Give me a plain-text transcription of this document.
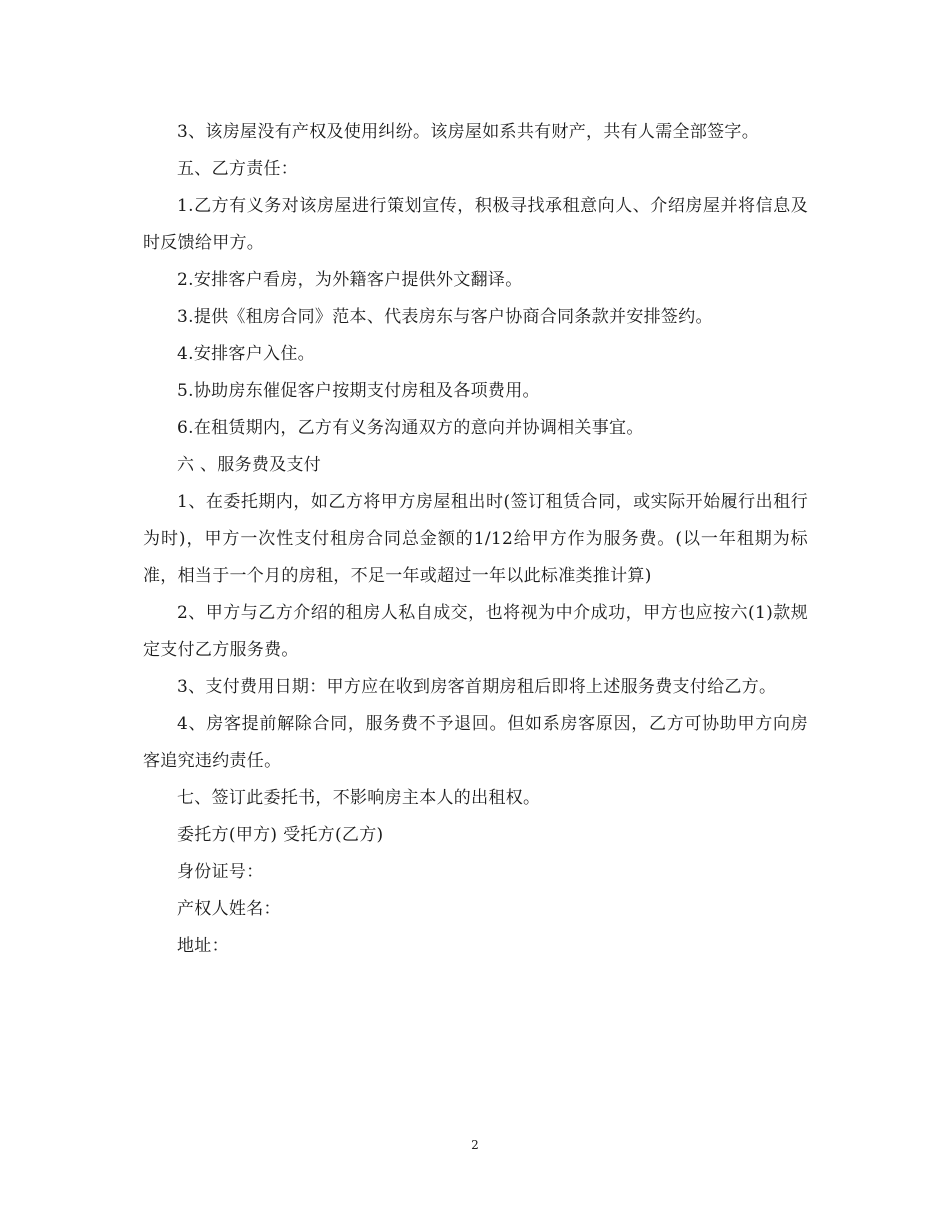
3、该房屋没有产权及使用纠纷。该房屋如系共有财产，共有人需全部签字。

五、乙方责任：

1.乙方有义务对该房屋进行策划宣传，积极寻找承租意向人、介绍房屋并将信息及时反馈给甲方。

2.安排客户看房，为外籍客户提供外文翻译。

3.提供《租房合同》范本、代表房东与客户协商合同条款并安排签约。

4.安排客户入住。

5.协助房东催促客户按期支付房租及各项费用。

6.在租赁期内，乙方有义务沟通双方的意向并协调相关事宜。

六 、服务费及支付

1、在委托期内，如乙方将甲方房屋租出时(签订租赁合同，或实际开始履行出租行为时)，甲方一次性支付租房合同总金额的1/12给甲方作为服务费。(以一年租期为标准，相当于一个月的房租，不足一年或超过一年以此标准类推计算)

2、甲方与乙方介绍的租房人私自成交，也将视为中介成功，甲方也应按六(1)款规定支付乙方服务费。

3、支付费用日期：甲方应在收到房客首期房租后即将上述服务费支付给乙方。

4、房客提前解除合同，服务费不予退回。但如系房客原因，乙方可协助甲方向房客追究违约责任。

七、签订此委托书，不影响房主本人的出租权。

委托方(甲方) 受托方(乙方)

身份证号：

产权人姓名：

地址：

2
